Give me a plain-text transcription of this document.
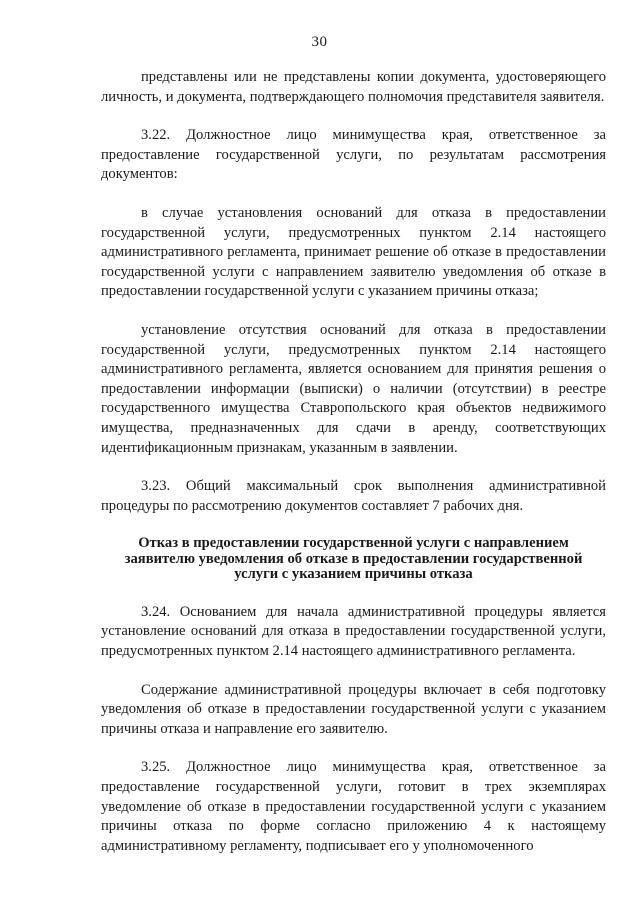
30

представлены или не представлены копии документа, удостоверяющего личность, и документа, подтверждающего полномочия представителя заявителя.

3.22. Должностное лицо минимущества края, ответственное за предоставление государственной услуги, по результатам рассмотрения документов:

в случае установления оснований для отказа в предоставлении государственной услуги, предусмотренных пунктом 2.14 настоящего административного регламента, принимает решение об отказе в предоставлении государственной услуги с направлением заявителю уведомления об отказе в предоставлении государственной услуги с указанием причины отказа;

установление отсутствия оснований для отказа в предоставлении государственной услуги, предусмотренных пунктом 2.14 настоящего административного регламента, является основанием для принятия решения о предоставлении информации (выписки) о наличии (отсутствии) в реестре государственного имущества Ставропольского края объектов недвижимого имущества, предназначенных для сдачи в аренду, соответствующих идентификационным признакам, указанным в заявлении.

3.23. Общий максимальный срок выполнения административной процедуры по рассмотрению документов составляет 7 рабочих дня.

Отказ в предоставлении государственной услуги с направлением заявителю уведомления об отказе в предоставлении государственной услуги с указанием причины отказа

3.24. Основанием для начала административной процедуры является установление оснований для отказа в предоставлении государственной услуги, предусмотренных пунктом 2.14 настоящего административного регламента.

Содержание административной процедуры включает в себя подготовку уведомления об отказе в предоставлении государственной услуги с указанием причины отказа и направление его заявителю.

3.25. Должностное лицо минимущества края, ответственное за предоставление государственной услуги, готовит в трех экземплярах уведомление об отказе в предоставлении государственной услуги с указанием причины отказа по форме согласно приложению 4 к настоящему административному регламенту, подписывает его у уполномоченного
